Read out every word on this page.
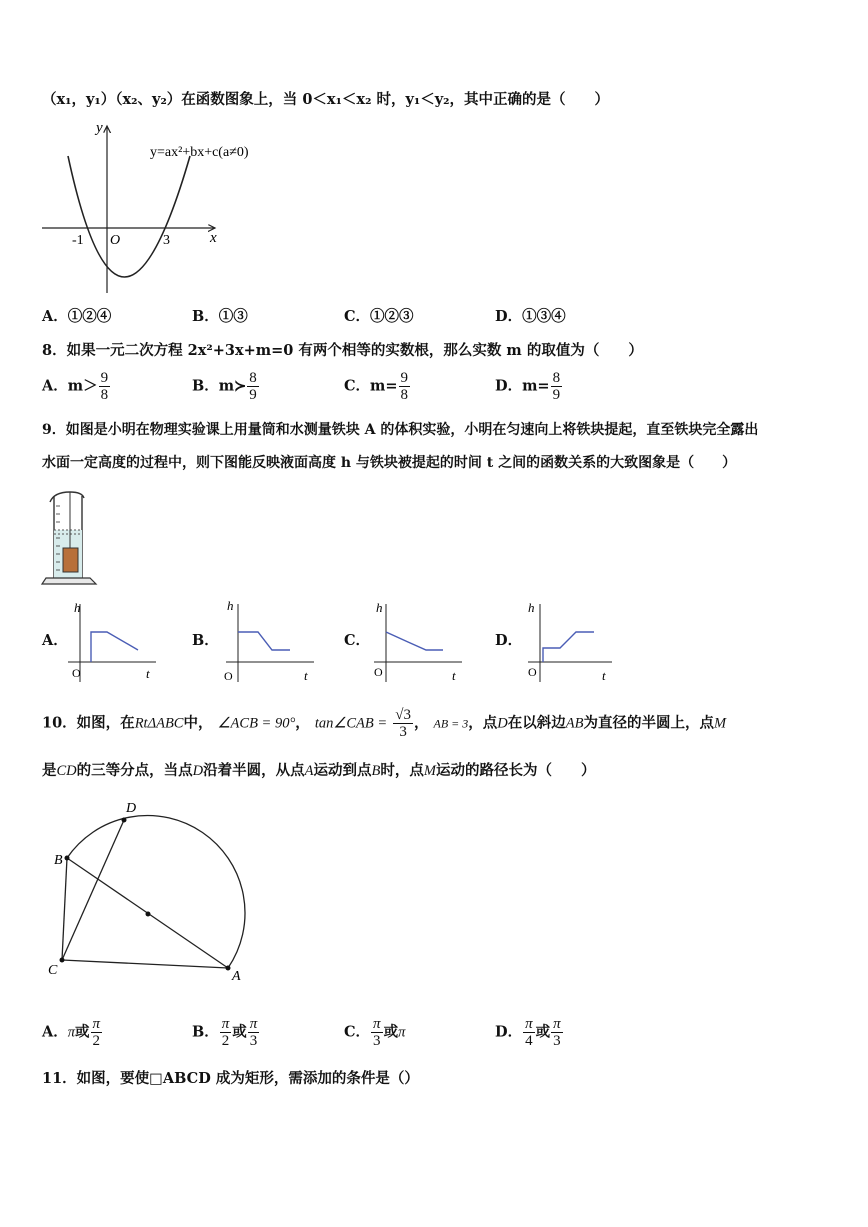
（x₁，y₁）（x₂、y₂）在函数图象上，当 0＜x₁＜x₂ 时，y₁＜y₂，其中正确的是（　　）
y
x
O
-1	3
y=ax²+bx+c(a≠0)
A．①②④	B．①③	C．①②③	D．①③④
8．如果一元二次方程 2x²+3x+m=0 有两个相等的实数根，那么实数 m 的取值为（　　）
A．$m> \frac{9}{8}$	B．m≻ $\frac{8}{9}$	C．$m= \frac{9}{8}$	D．$m= \frac{8}{9}$
9．如图是小明在物理实验课上用量筒和水测量铁块 A 的体积实验，小明在匀速向上将铁块提起，直至铁块完全露出
水面一定高度的过程中，则下图能反映液面高度 h 与铁块被提起的时间 t 之间的函数关系的大致图象是（　　）
A．
h
t
O
B．
h
t
O
C．
h
t
O
D．
h
t
O
10．如图，在RtΔABC中， ∠ACB = 90°， tan∠CAB = $\frac{√3}{3}$ ， AB = 3，点D在以斜边AB为直径的半圆上，点M
是CD的三等分点，当点D沿着半圆，从点A运动到点B时，点M运动的路径长为（　　）
D
B
C	A
A．π或 $\frac{\pi}{2}$	B． $\frac{\pi}{2}$ 或 $\frac{\pi}{3}$	C． $\frac{\pi}{3}$ 或π	D． $\frac{\pi}{4}$ 或 $\frac{\pi}{3}$
11．如图，要使□ABCD 成为矩形，需添加的条件是（）
